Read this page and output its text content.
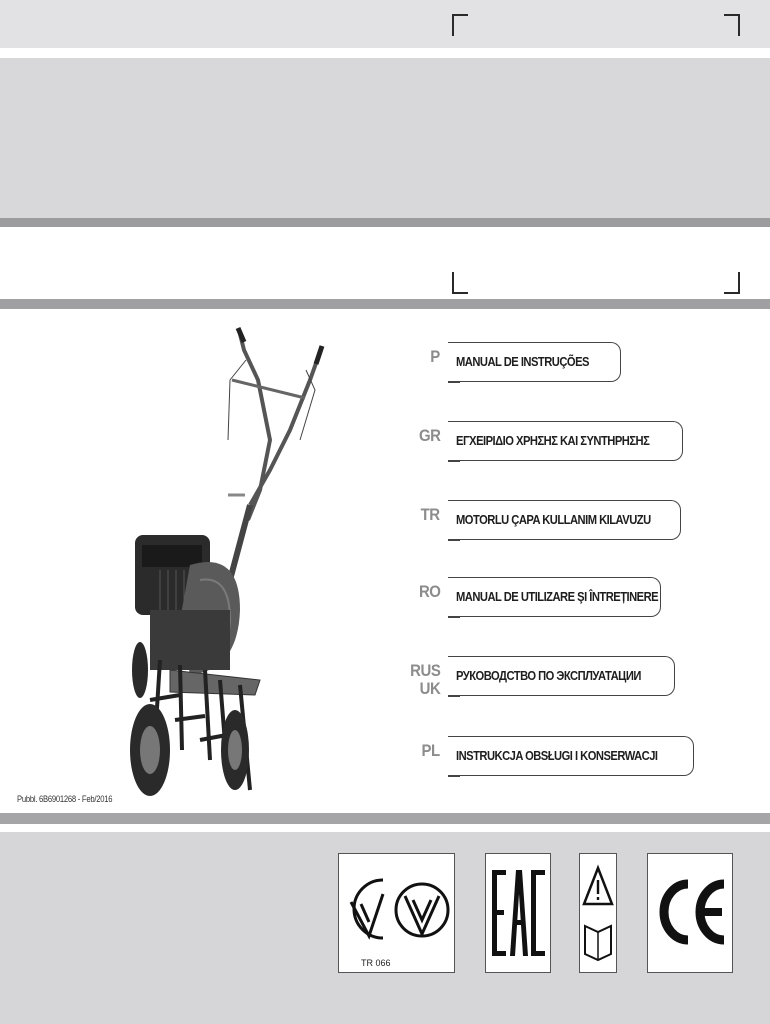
P MANUAL DE INSTRUÇÕES
GR ΕΓΧΕΙΡΙΔΙΟ ΧΡΗΣΗΣ ΚΑΙ ΣΥΝΤΗΡΗΣΗΣ
TR MOTORLU ÇAPA KULLANIM KILAVUZU
RO MANUAL DE UTILIZARE ŞI ÎNTREȚINERE
RUS
UK
РУКОВОДСТВО ПО ЭКСПЛУАТАЦИИ
PL INSTRUKCJA OBSŁUGI I KONSERWACJI
Pubbl. 6B6901268 - Feb/2016
TR 066
